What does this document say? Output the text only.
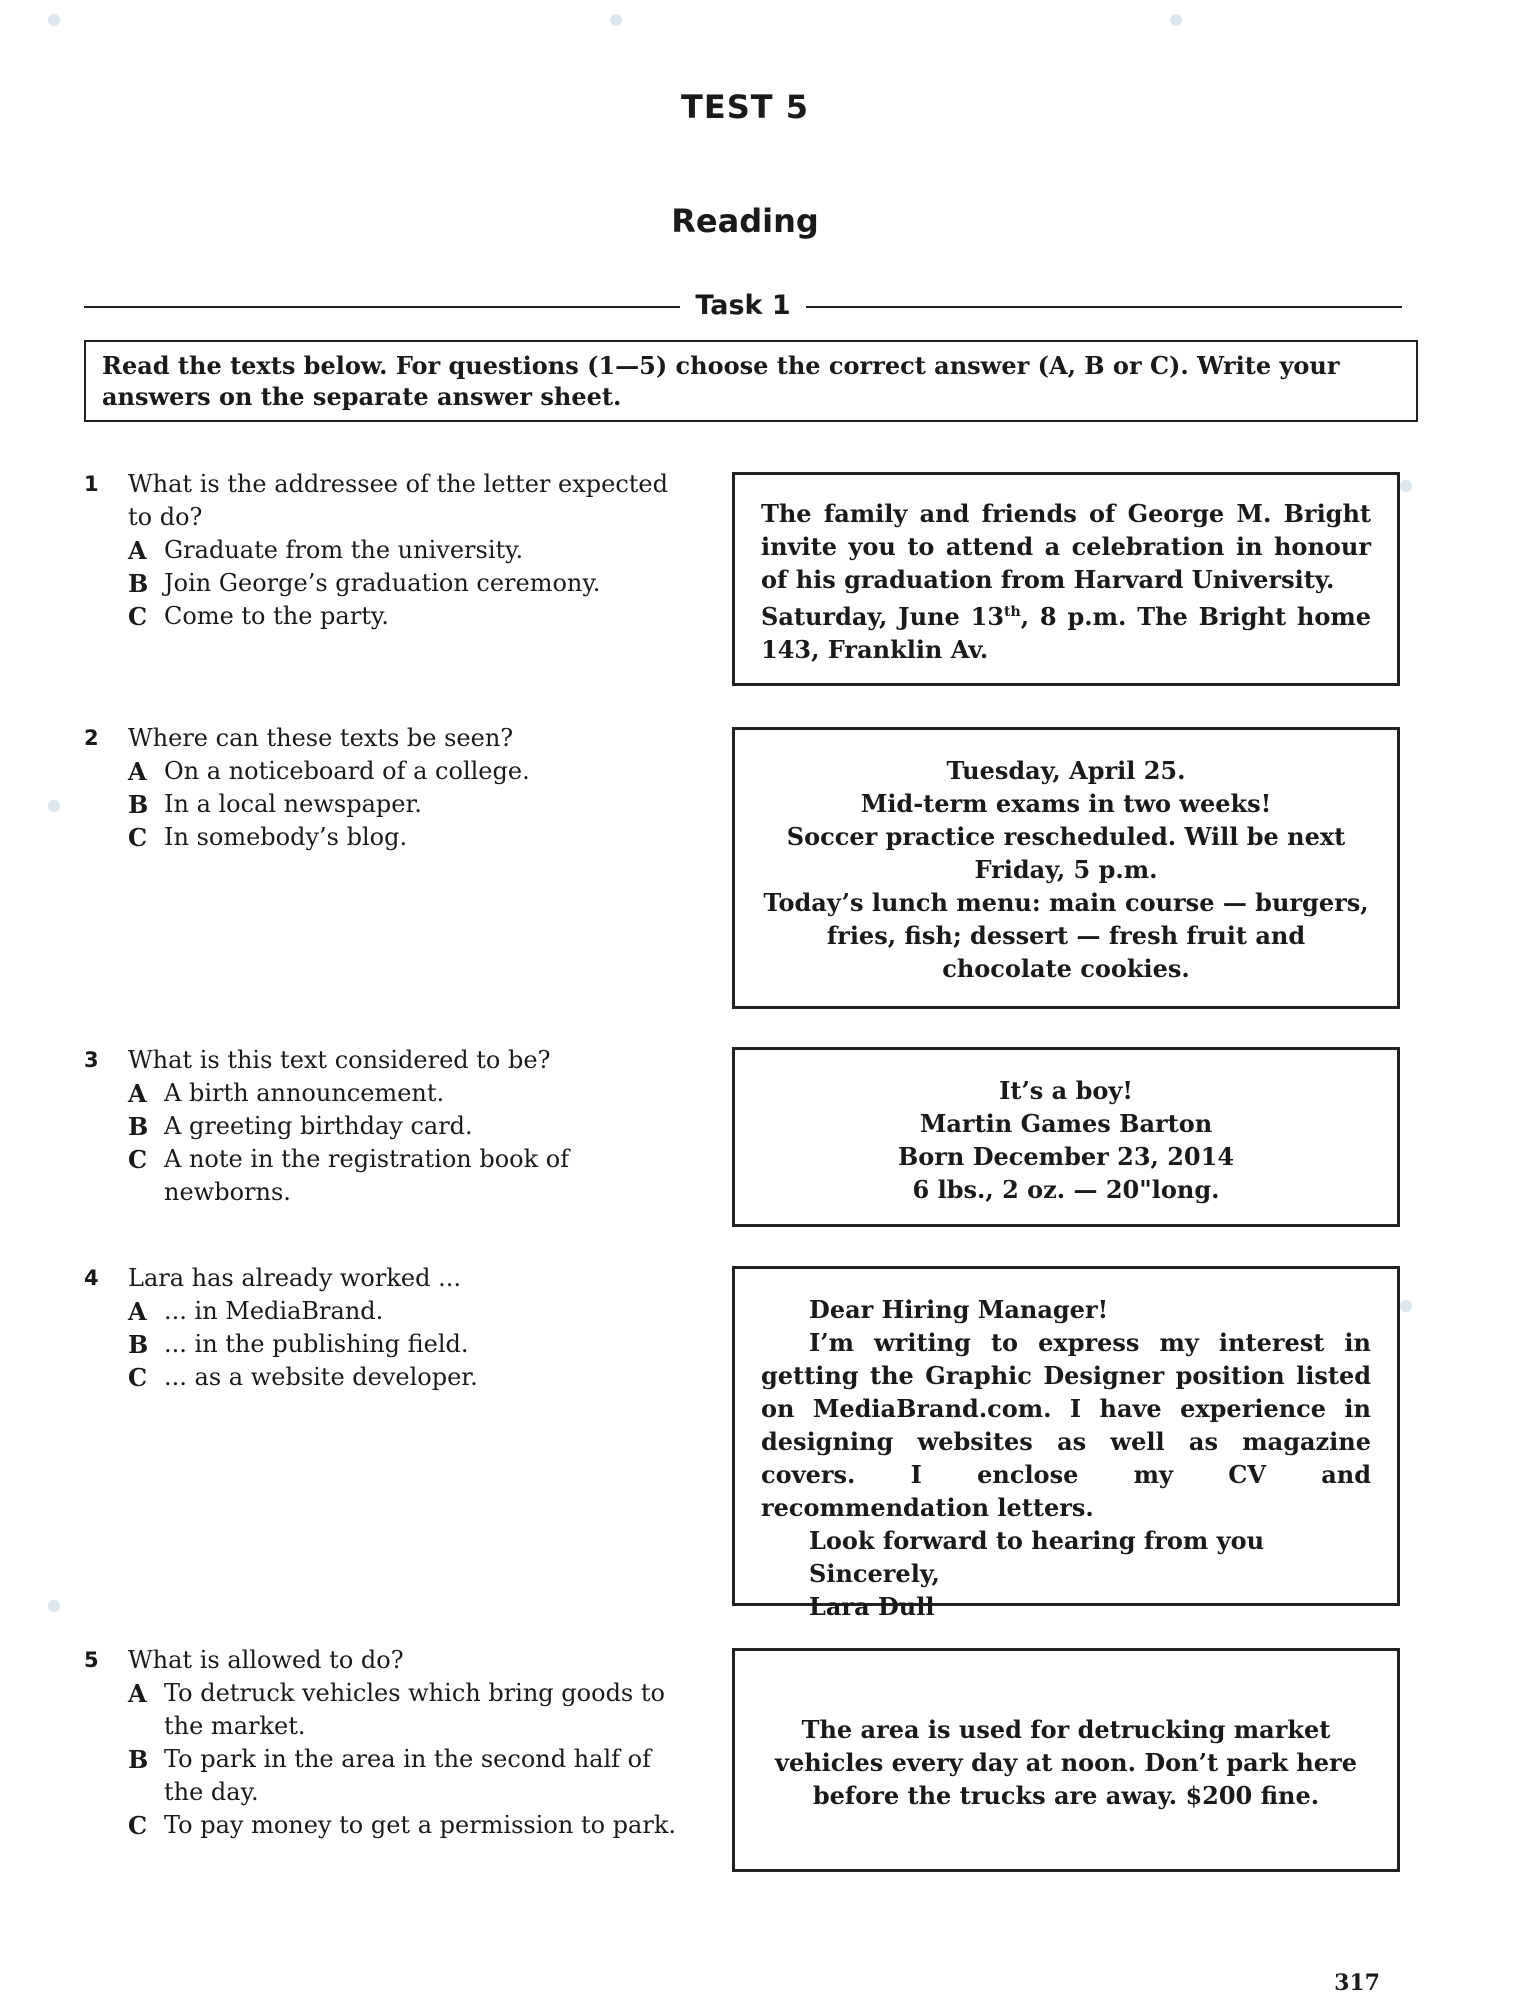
TEST 5
Reading
Task 1
Read the texts below. For questions (1—5) choose the correct answer (A, B or C). Write your answers on the separate answer sheet.
1 What is the addressee of the letter expected to do?
A Graduate from the university.
B Join George’s graduation ceremony.
C Come to the party.
2 Where can these texts be seen?
A On a noticeboard of a college.
B In a local newspaper.
C In somebody’s blog.
3 What is this text considered to be?
A A birth announcement.
B A greeting birthday card.
C A note in the registration book of newborns.
4 Lara has already worked ...
A ... in MediaBrand.
B ... in the publishing field.
C ... as a website developer.
5 What is allowed to do?
A To detruck vehicles which bring goods to the market.
B To park in the area in the second half of the day.
C To pay money to get a permission to park.

The family and friends of George M. Bright invite you to attend a celebration in honour of his graduation from Harvard University.

Saturday, June 13th, 8 p.m. The Bright home 143, Franklin Av.

Tuesday, April 25.

Mid-term exams in two weeks!

Soccer practice rescheduled. Will be next Friday, 5 p.m.

Today’s lunch menu: main course — burgers, fries, fish; dessert — fresh fruit and chocolate cookies.

It’s a boy!

Martin Games Barton

Born December 23, 2014

6 lbs., 2 oz. — 20"long.

Dear Hiring Manager!

I’m writing to express my interest in getting the Graphic Designer position listed on MediaBrand.com. I have experience in designing websites as well as magazine covers. I enclose my CV and recommendation letters.

Look forward to hearing from you

Sincerely,

Lara Dull

The area is used for detrucking market vehicles every day at noon. Don’t park here before the trucks are away. $200 fine.

317
